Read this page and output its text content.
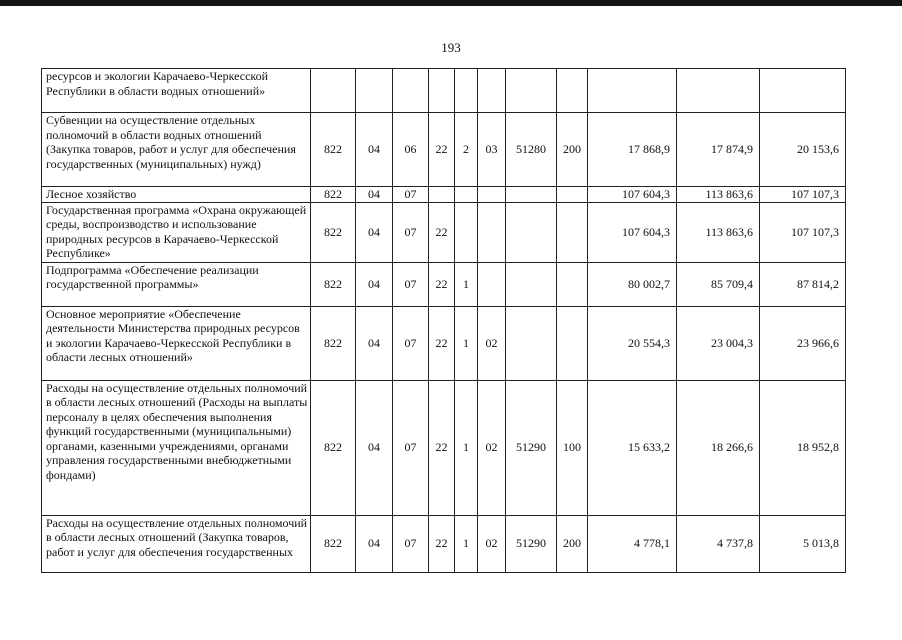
193
ресурсов и экологии Карачаево-Черкесской Республики в области водных отношений»											
Субвенции на осуществление отдельных полномочий в области водных отношений (Закупка товаров, работ и услуг для обеспечения государственных (муниципальных) нужд)	822	04	06	22	2	03	51280	200	17 868,9	17 874,9	20 153,6
Лесное хозяйство	822	04	07						107 604,3	113 863,6	107 107,3
Государственная программа «Охрана окружающей среды, воспроизводство и использование природных ресурсов в Карачаево-Черкесской Республике»	822	04	07	22					107 604,3	113 863,6	107 107,3
Подпрограмма «Обеспечение реализации государственной программы»	822	04	07	22	1				80 002,7	85 709,4	87 814,2
Основное мероприятие «Обеспечение деятельности Министерства природных ресурсов и экологии Карачаево-Черкесской Республики в области лесных отношений»	822	04	07	22	1	02			20 554,3	23 004,3	23 966,6
Расходы на осуществление отдельных полномочий в области лесных отношений (Расходы на выплаты персоналу в целях обеспечения выполнения функций государственными (муниципальными) органами, казенными учреждениями, органами управления государственными внебюджетными фондами)	822	04	07	22	1	02	51290	100	15 633,2	18 266,6	18 952,8
Расходы на осуществление отдельных полномочий в области лесных отношений (Закупка товаров, работ и услуг для обеспечения государственных	822	04	07	22	1	02	51290	200	4 778,1	4 737,8	5 013,8
